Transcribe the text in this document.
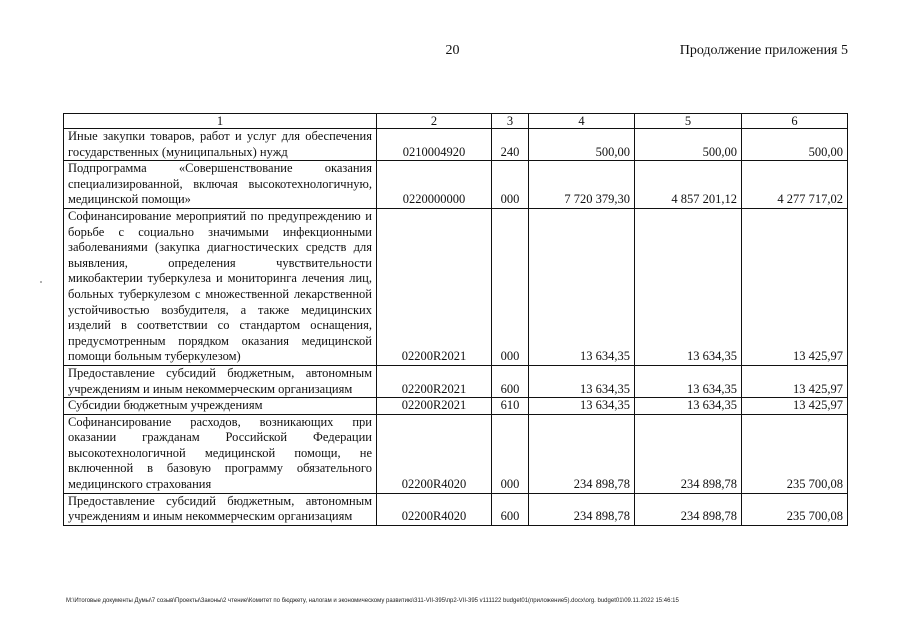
20	Продолжение приложения 5
1	2	3	4	5	6
Иные закупки товаров, работ и услуг для обеспечения государственных (муниципальных) нужд	0210004920	240	500,00	500,00	500,00
Подпрограмма «Совершенствование оказания специализированной, включая высокотехнологичную, медицинской помощи»	0220000000	000	7 720 379,30	4 857 201,12	4 277 717,02
Софинансирование мероприятий по предупреждению и борьбе с социально значимыми инфекционными заболеваниями (закупка диагностических средств для выявления, определения чувствительности микобактерии туберкулеза и мониторинга лечения лиц, больных туберкулезом с множественной лекарственной устойчивостью возбудителя, а также медицинских изделий в соответствии со стандартом оснащения, предусмотренным порядком оказания медицинской помощи больным туберкулезом)	02200R2021	000	13 634,35	13 634,35	13 425,97
Предоставление субсидий бюджетным, автономным учреждениям и иным некоммерческим организациям	02200R2021	600	13 634,35	13 634,35	13 425,97
Субсидии бюджетным учреждениям	02200R2021	610	13 634,35	13 634,35	13 425,97
Софинансирование расходов, возникающих при оказании гражданам Российской Федерации высокотехнологичной медицинской помощи, не включенной в базовую программу обязательного медицинского страхования	02200R4020	000	234 898,78	234 898,78	235 700,08
Предоставление субсидий бюджетным, автономным учреждениям и иным некоммерческим организациям	02200R4020	600	234 898,78	234 898,78	235 700,08
M:\Итоговые документы Думы\7 созыв\Проекты\Законы\2 чтение\Комитет по бюджету, налогам и экономическому развитию\311-VII-395\пр2-VII-395 v111122 budget01(приложение5).docx\org. budget01\09.11.2022 15:46:15
